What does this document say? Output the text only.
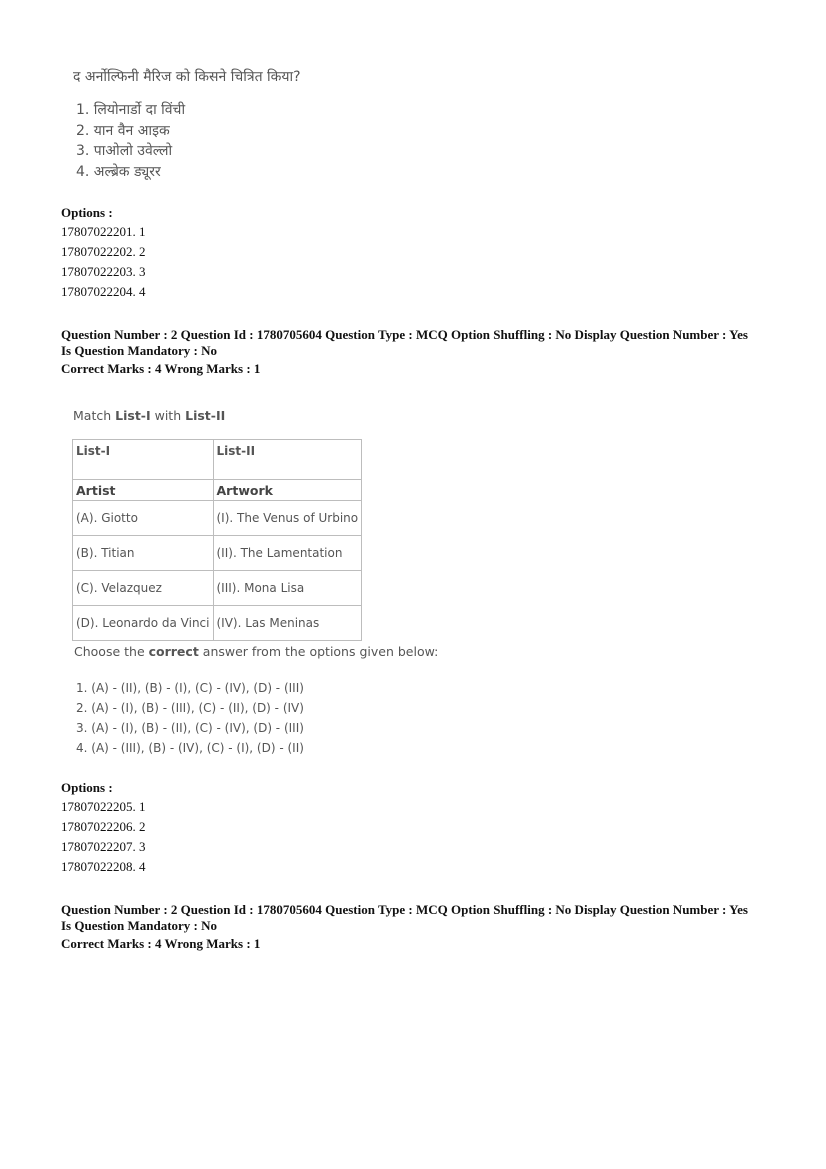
द अर्नोल्फिनी मैरिज को किसने चित्रित किया?
1. लियोनार्डो दा विंची
2. यान वैन आइक
3. पाओलो उवेल्लो
4. अल्ब्रेक ड्यूरर
Options :
17807022201. 1
17807022202. 2
17807022203. 3
17807022204. 4
Question Number : 2 Question Id : 1780705604 Question Type : MCQ Option Shuffling : No Display Question Number : Yes
Is Question Mandatory : No
Correct Marks : 4 Wrong Marks : 1
Match List-I with List-II
List-I	List-II
Artist	Artwork
(A). Giotto	(I). The Venus of Urbino
(B). Titian	(II). The Lamentation
(C). Velazquez	(III). Mona Lisa
(D). Leonardo da Vinci	(IV). Las Meninas
Choose the correct answer from the options given below:
1. (A) - (II), (B) - (I), (C) - (IV), (D) - (III)
2. (A) - (I), (B) - (III), (C) - (II), (D) - (IV)
3. (A) - (I), (B) - (II), (C) - (IV), (D) - (III)
4. (A) - (III), (B) - (IV), (C) - (I), (D) - (II)
Options :
17807022205. 1
17807022206. 2
17807022207. 3
17807022208. 4
Question Number : 2 Question Id : 1780705604 Question Type : MCQ Option Shuffling : No Display Question Number : Yes
Is Question Mandatory : No
Correct Marks : 4 Wrong Marks : 1
